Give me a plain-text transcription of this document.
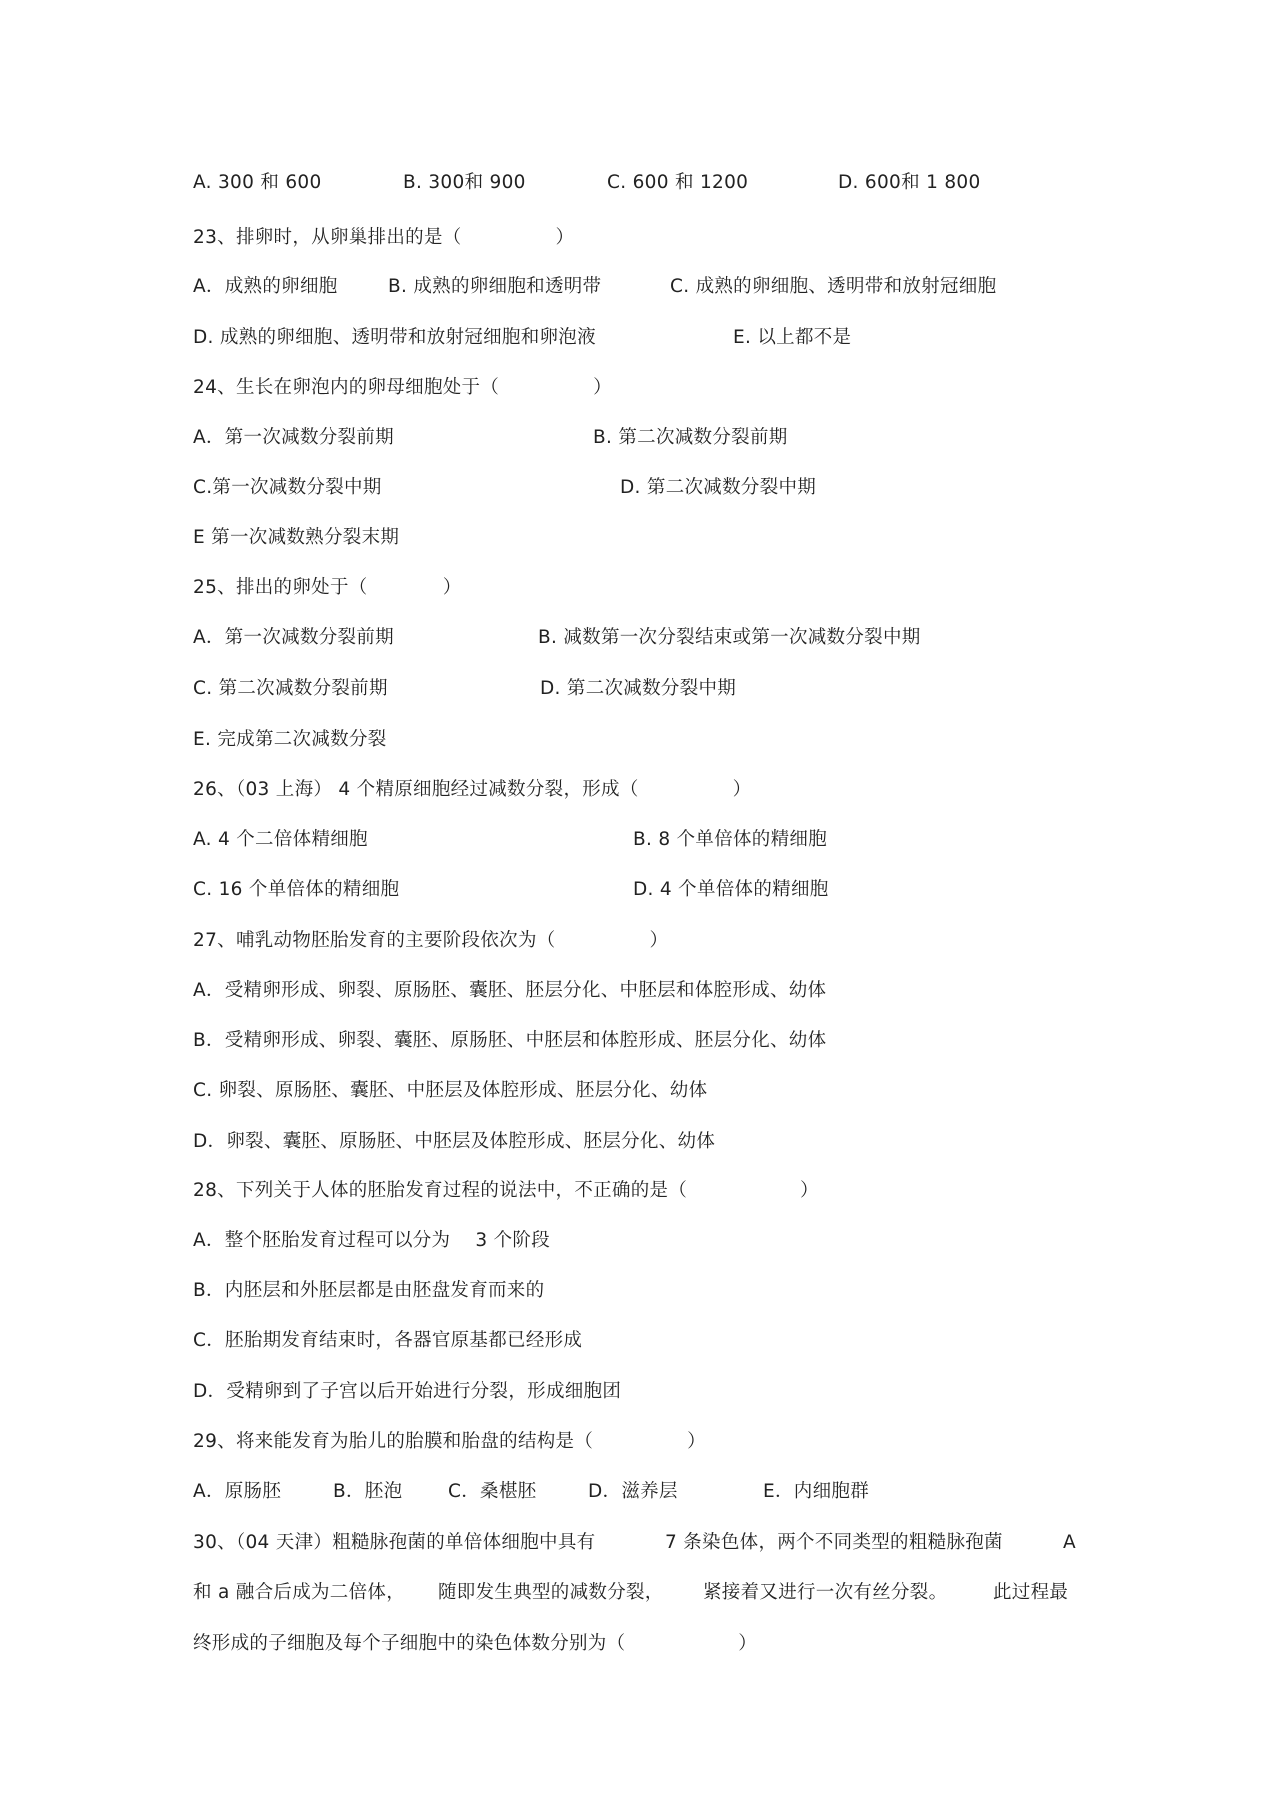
A. 300 和 600	B. 300和 900	C. 600 和 1200	D. 600和 1 800
23、排卵时，从卵巢排出的是（　　　　　）
A．成熟的卵细胞	B. 成熟的卵细胞和透明带	C. 成熟的卵细胞、透明带和放射冠细胞
D. 成熟的卵细胞、透明带和放射冠细胞和卵泡液	E. 以上都不是
24、生长在卵泡内的卵母细胞处于（　　　　　）
A．第一次减数分裂前期	B. 第二次减数分裂前期
C.第一次减数分裂中期	D. 第二次减数分裂中期
E 第一次减数熟分裂末期
25、排出的卵处于（　　　　）
A．第一次减数分裂前期	B. 减数第一次分裂结束或第一次减数分裂中期
C. 第二次减数分裂前期	D. 第二次减数分裂中期
E. 完成第二次减数分裂
26、（03 上海） 4 个精原细胞经过减数分裂，形成（　　　　　）
A. 4 个二倍体精细胞	B. 8 个单倍体的精细胞
C. 16 个单倍体的精细胞	D. 4 个单倍体的精细胞
27、哺乳动物胚胎发育的主要阶段依次为（　　　　　）
A．受精卵形成、卵裂、原肠胚、囊胚、胚层分化、中胚层和体腔形成、幼体
B．受精卵形成、卵裂、囊胚、原肠胚、中胚层和体腔形成、胚层分化、幼体
C. 卵裂、原肠胚、囊胚、中胚层及体腔形成、胚层分化、幼体
D．卵裂、囊胚、原肠胚、中胚层及体腔形成、胚层分化、幼体
28、下列关于人体的胚胎发育过程的说法中，不正确的是（　　　　　　）
A．整个胚胎发育过程可以分为　 3 个阶段
B．内胚层和外胚层都是由胚盘发育而来的
C．胚胎期发育结束时，各器官原基都已经形成
D．受精卵到了子宫以后开始进行分裂，形成细胞团
29、将来能发育为胎儿的胎膜和胎盘的结构是（　　　　　）
A．原肠胚	B．胚泡 C．桑椹胚	D．滋养层	E．内细胞群
30、（04 天津）粗糙脉孢菌的单倍体细胞中具有	7 条染色体，两个不同类型的粗糙脉孢菌	A
和 a 融合后成为二倍体， 随即发生典型的减数分裂， 紧接着又进行一次有丝分裂。 此过程最
终形成的子细胞及每个子细胞中的染色体数分别为（　　　　　　）
